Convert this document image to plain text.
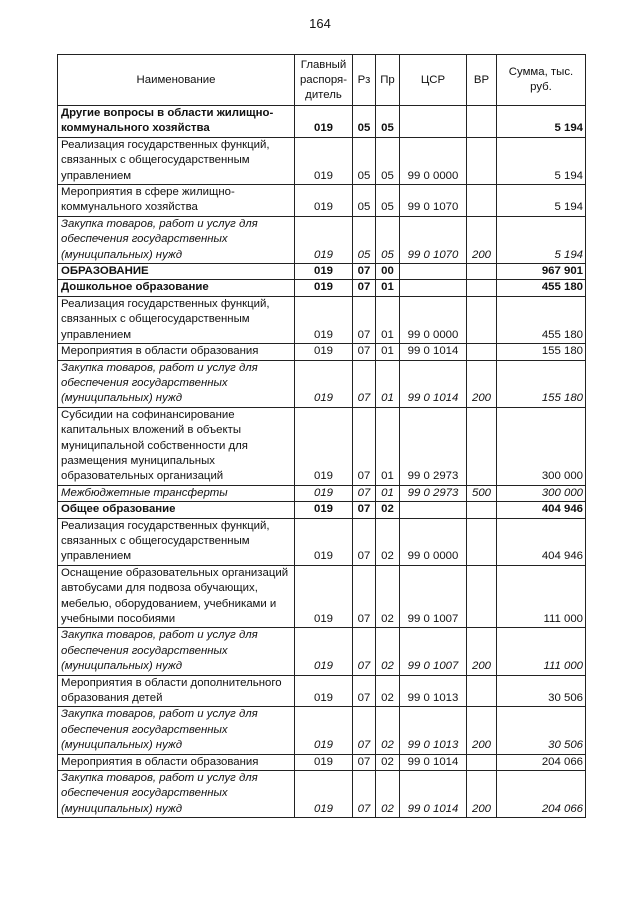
164
Наименование	Главный распоря-дитель	Рз	Пр	ЦСР	ВР	Сумма, тыс. руб.
Другие вопросы в области жилищно-коммунального хозяйства	019	05	05			5 194
Реализация государственных функций, связанных с общегосударственным управлением	019	05	05	99 0 0000		5 194
Мероприятия в сфере жилищно-коммунального хозяйства	019	05	05	99 0 1070		5 194
Закупка товаров, работ и услуг для обеспечения государственных (муниципальных) нужд	019	05	05	99 0 1070	200	5 194
ОБРАЗОВАНИЕ	019	07	00			967 901
Дошкольное образование	019	07	01			455 180
Реализация государственных функций, связанных с общегосударственным управлением	019	07	01	99 0 0000		455 180
Мероприятия в области образования	019	07	01	99 0 1014		155 180
Закупка товаров, работ и услуг для обеспечения государственных (муниципальных) нужд	019	07	01	99 0 1014	200	155 180
Субсидии на софинансирование капитальных вложений в объекты муниципальной собственности для размещения муниципальных образовательных организаций	019	07	01	99 0 2973		300 000
Межбюджетные трансферты	019	07	01	99 0 2973	500	300 000
Общее образование	019	07	02			404 946
Реализация государственных функций, связанных с общегосударственным управлением	019	07	02	99 0 0000		404 946
Оснащение образовательных организаций автобусами для подвоза обучающих, мебелью, оборудованием, учебниками и учебными пособиями	019	07	02	99 0 1007		111 000
Закупка товаров, работ и услуг для обеспечения государственных (муниципальных) нужд	019	07	02	99 0 1007	200	111 000
Мероприятия в области дополнительного образования детей	019	07	02	99 0 1013		30 506
Закупка товаров, работ и услуг для обеспечения государственных (муниципальных) нужд	019	07	02	99 0 1013	200	30 506
Мероприятия в области образования	019	07	02	99 0 1014		204 066
Закупка товаров, работ и услуг для обеспечения государственных (муниципальных) нужд	019	07	02	99 0 1014	200	204 066
